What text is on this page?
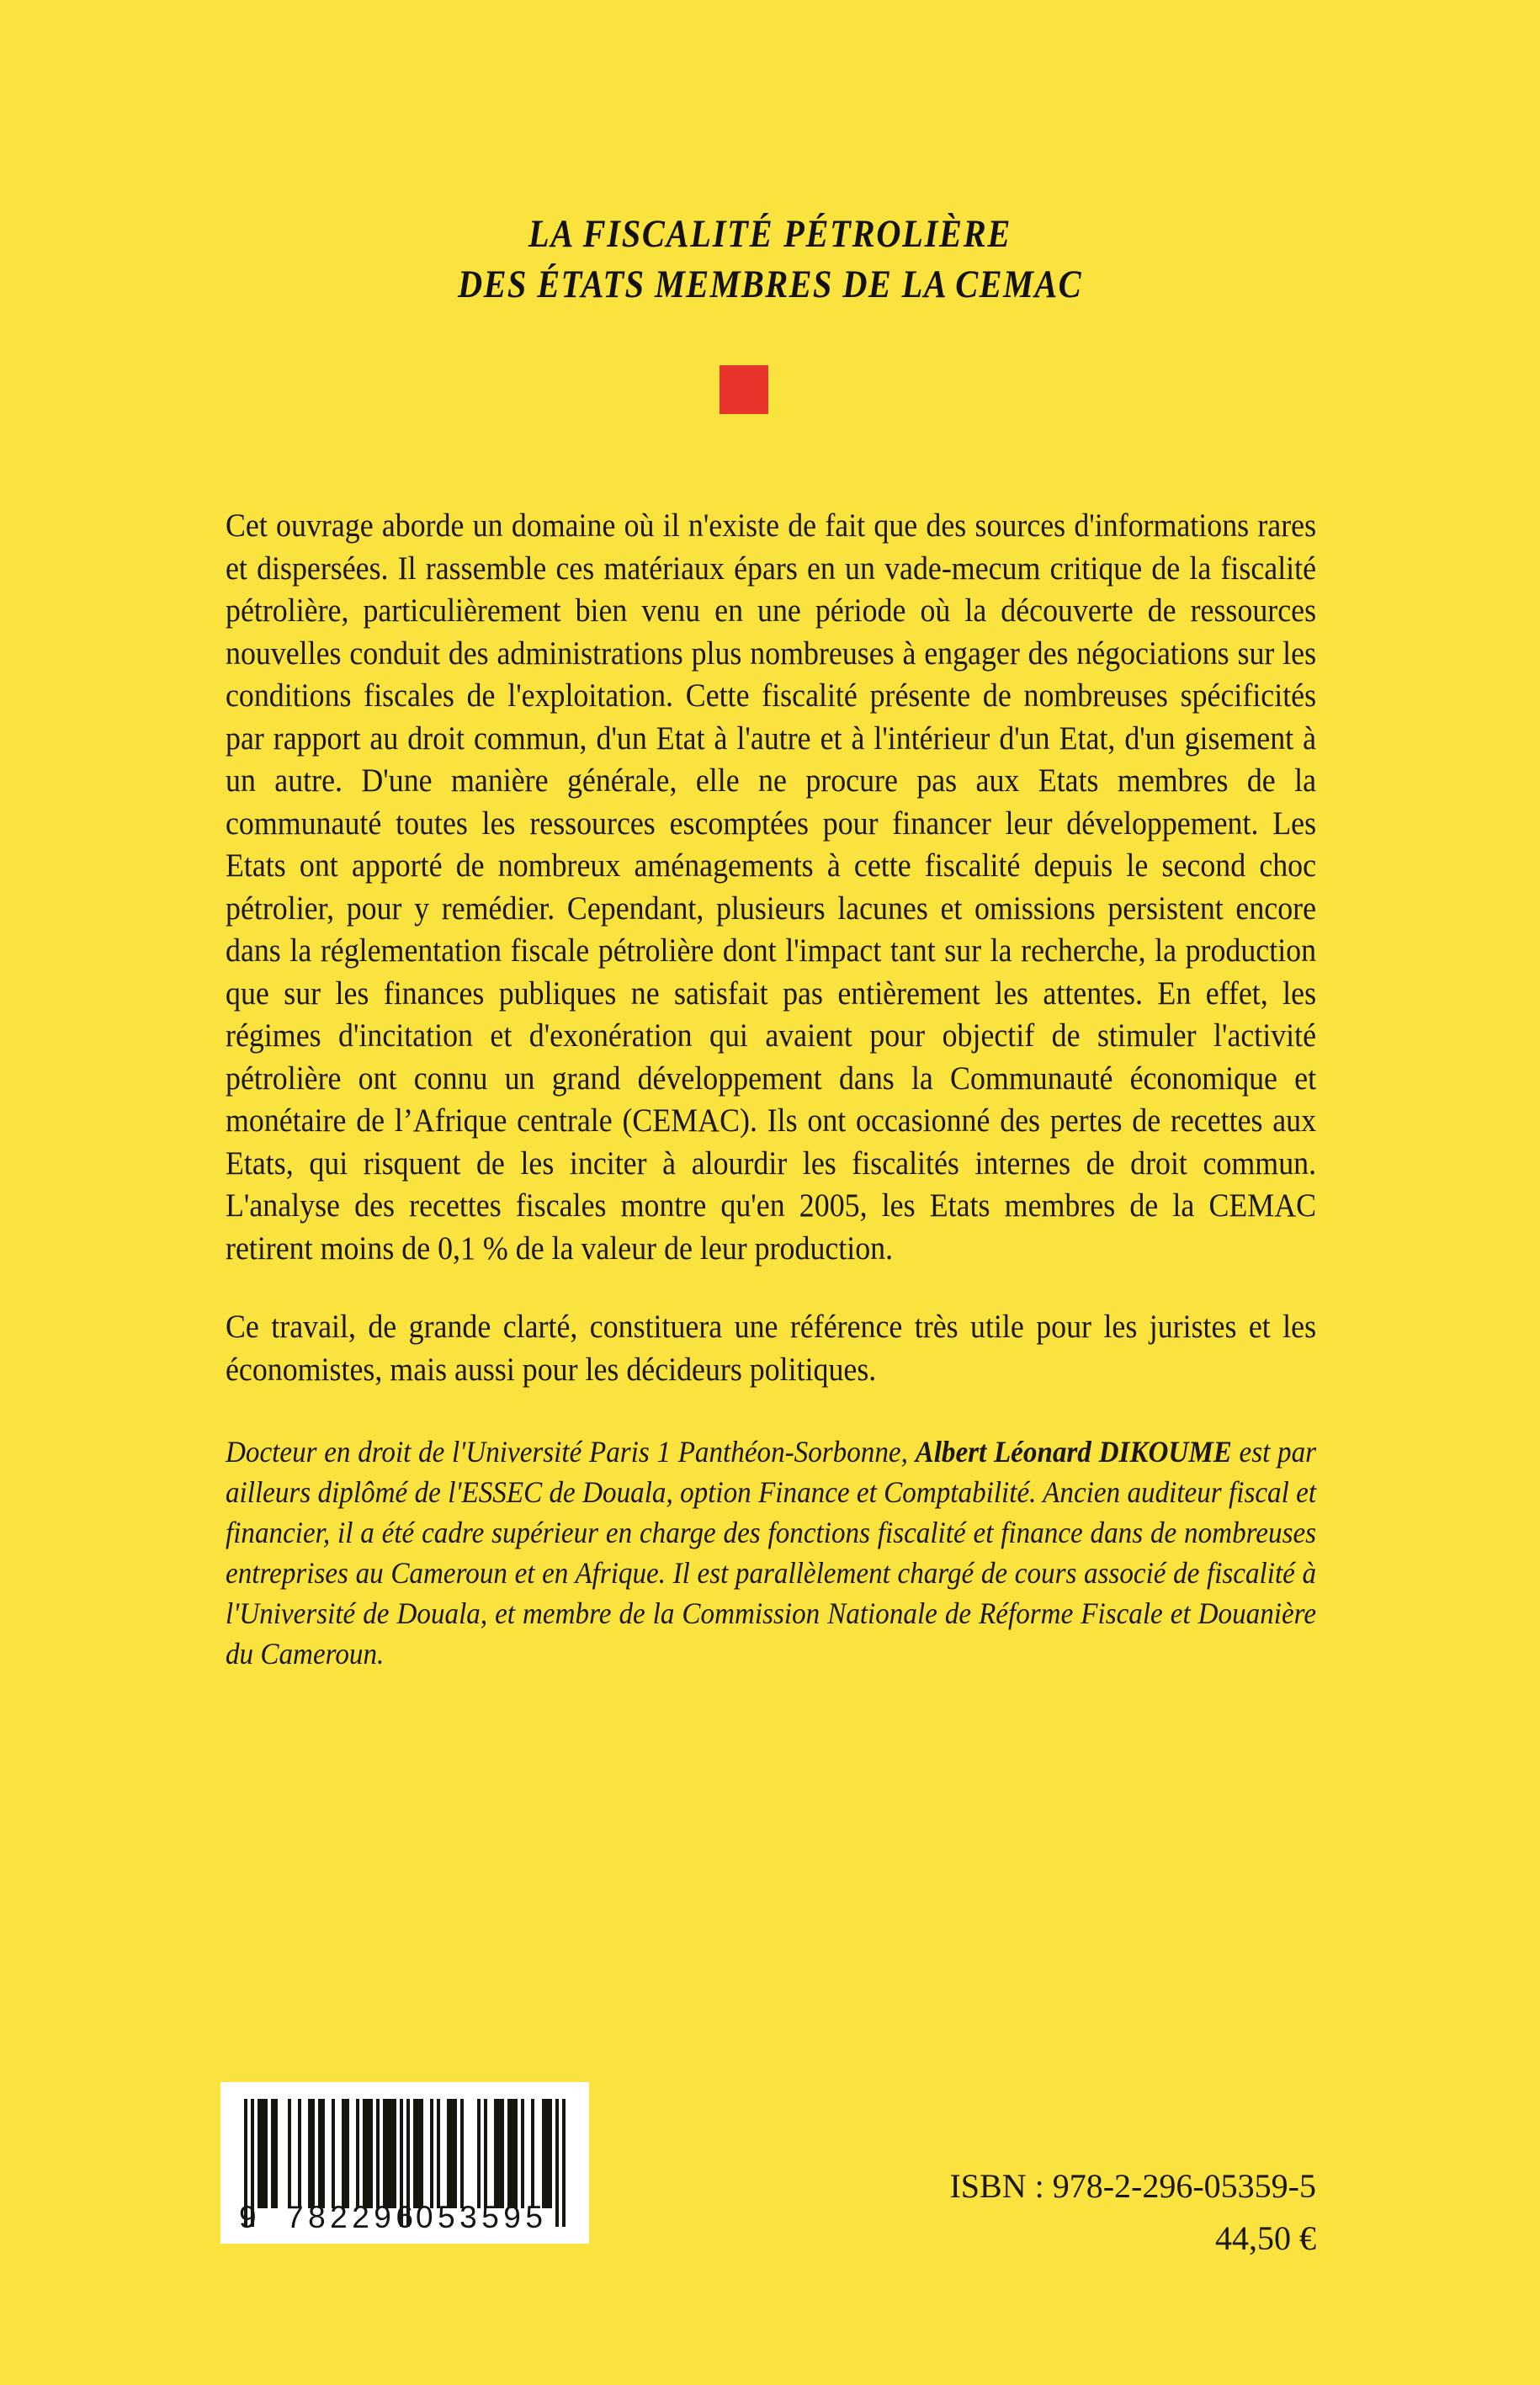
LA FISCALITÉ PÉTROLIÈRE
DES ÉTATS MEMBRES DE LA CEMAC

Cet ouvrage aborde un domaine où il n'existe de fait que des sources d'informations rares et dispersées. Il rassemble ces matériaux épars en un vade-mecum critique de la fiscalité pétrolière, particulièrement bien venu en une période où la découverte de ressources nouvelles conduit des administrations plus nombreuses à engager des négociations sur les conditions fiscales de l'exploitation. Cette fiscalité présente de nombreuses spécificités par rapport au droit commun, d'un Etat à l'autre et à l'intérieur d'un Etat, d'un gisement à un autre. D'une manière générale, elle ne procure pas aux Etats membres de la communauté toutes les ressources escomptées pour financer leur développement. Les Etats ont apporté de nombreux aménagements à cette fiscalité depuis le second choc pétrolier, pour y remédier. Cependant, plusieurs lacunes et omissions persistent encore dans la réglementation fiscale pétrolière dont l'impact tant sur la recherche, la production que sur les finances publiques ne satisfait pas entièrement les attentes. En effet, les régimes d'incitation et d'exonération qui avaient pour objectif de stimuler l'activité pétrolière ont connu un grand développement dans la Communauté économique et monétaire de l’Afrique centrale (CEMAC). Ils ont occasionné des pertes de recettes aux Etats, qui risquent de les inciter à alourdir les fiscalités internes de droit commun. L'analyse des recettes fiscales montre qu'en 2005, les Etats membres de la CEMAC retirent moins de 0,1 % de la valeur de leur production.

Ce travail, de grande clarté, constituera une référence très utile pour les juristes et les économistes, mais aussi pour les décideurs politiques.

Docteur en droit de l'Université Paris 1 Panthéon-Sorbonne, Albert Léonard DIKOUME est par ailleurs diplômé de l'ESSEC de Douala, option Finance et Comptabilité. Ancien auditeur fiscal et financier, il a été cadre supérieur en charge des fonctions fiscalité et finance dans de nombreuses entreprises au Cameroun et en Afrique. Il est parallèlement chargé de cours associé de fiscalité à l'Université de Douala, et membre de la Commission Nationale de Réforme Fiscale et Douanière du Cameroun.

9 782296
053595
ISBN : 978-2-296-05359-5
44,50 €
